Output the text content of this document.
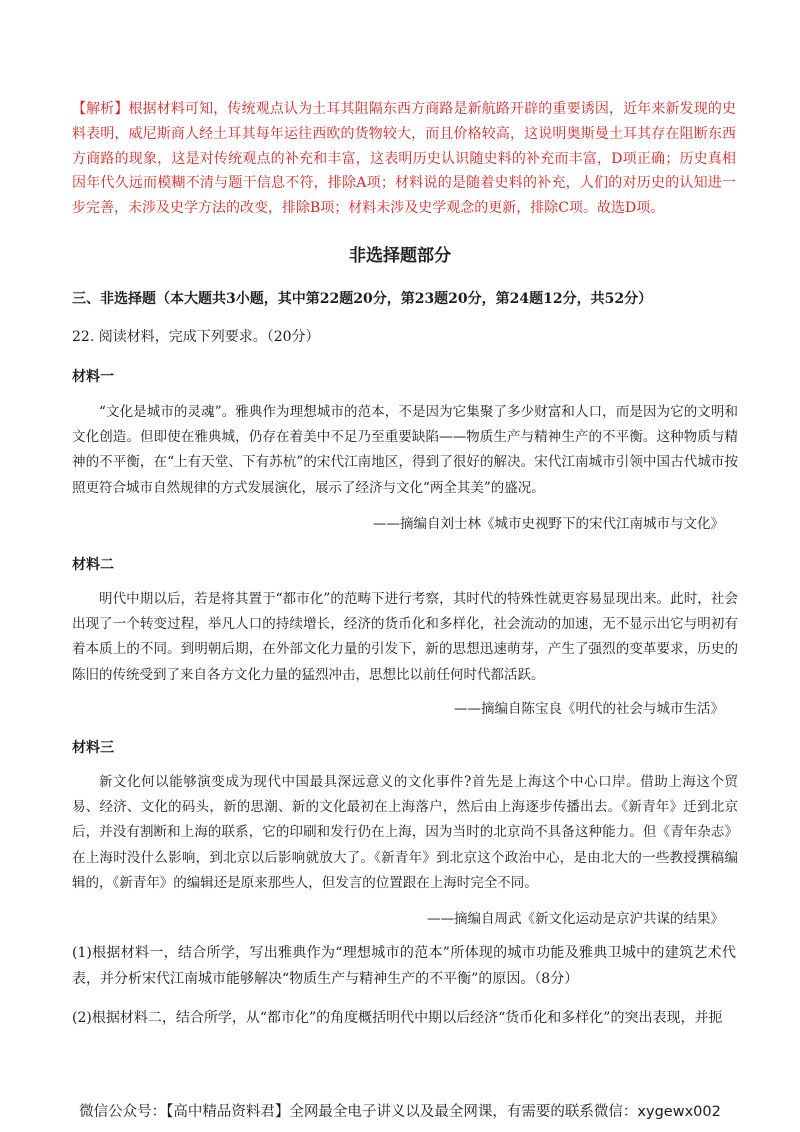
【解析】根据材料可知，传统观点认为土耳其阻隔东西方商路是新航路开辟的重要诱因，近年来新发现的史料表明，威尼斯商人经土耳其每年运往西欧的货物较大，而且价格较高，这说明奥斯曼土耳其存在阻断东西方商路的现象，这是对传统观点的补充和丰富，这表明历史认识随史料的补充而丰富，D项正确；历史真相因年代久远而模糊不清与题干信息不符，排除A项；材料说的是随着史料的补充，人们的对历史的认知进一步完善，未涉及史学方法的改变，排除B项；材料未涉及史学观念的更新，排除C项。故选D项。
非选择题部分
三、非选择题（本大题共3小题，其中第22题20分，第23题20分，第24题12分，共52分）
22. 阅读材料，完成下列要求。（20分）
材料一
“文化是城市的灵魂”。雅典作为理想城市的范本，不是因为它集聚了多少财富和人口，而是因为它的文明和文化创造。但即使在雅典城，仍存在着美中不足乃至重要缺陷——物质生产与精神生产的不平衡。这种物质与精神的不平衡，在“上有天堂、下有苏杭”的宋代江南地区，得到了很好的解决。宋代江南城市引领中国古代城市按照更符合城市自然规律的方式发展演化，展示了经济与文化“两全其美”的盛况。
——摘编自刘士林《城市史视野下的宋代江南城市与文化》
材料二
明代中期以后，若是将其置于“都市化”的范畴下进行考察，其时代的特殊性就更容易显现出来。此时，社会出现了一个转变过程，举凡人口的持续增长，经济的货币化和多样化，社会流动的加速，无不显示出它与明初有着本质上的不同。到明朝后期，在外部文化力量的引发下，新的思想迅速萌芽，产生了强烈的变革要求，历史的陈旧的传统受到了来自各方文化力量的猛烈冲击，思想比以前任何时代都活跃。
——摘编自陈宝良《明代的社会与城市生活》
材料三
新文化何以能够演变成为现代中国最具深远意义的文化事件?首先是上海这个中心口岸。借助上海这个贸易、经济、文化的码头，新的思潮、新的文化最初在上海落户，然后由上海逐步传播出去。《新青年》迁到北京后，并没有割断和上海的联系，它的印刷和发行仍在上海，因为当时的北京尚不具备这种能力。但《青年杂志》在上海时没什么影响，到北京以后影响就放大了。《新青年》到北京这个政治中心，是由北大的一些教授撰稿编辑的，《新青年》的编辑还是原来那些人，但发言的位置跟在上海时完全不同。
——摘编自周武《新文化运动是京沪共谋的结果》
(1)根据材料一，结合所学，写出雅典作为“理想城市的范本”所体现的城市功能及雅典卫城中的建筑艺术代表，并分析宋代江南城市能够解决“物质生产与精神生产的不平衡”的原因。（8分）
(2)根据材料二，结合所学，从“都市化”的角度概括明代中期以后经济“货币化和多样化”的突出表现，并扼
微信公众号：【高中精品资料君】全网最全电子讲义以及最全网课，有需要的联系微信：xygewx002
